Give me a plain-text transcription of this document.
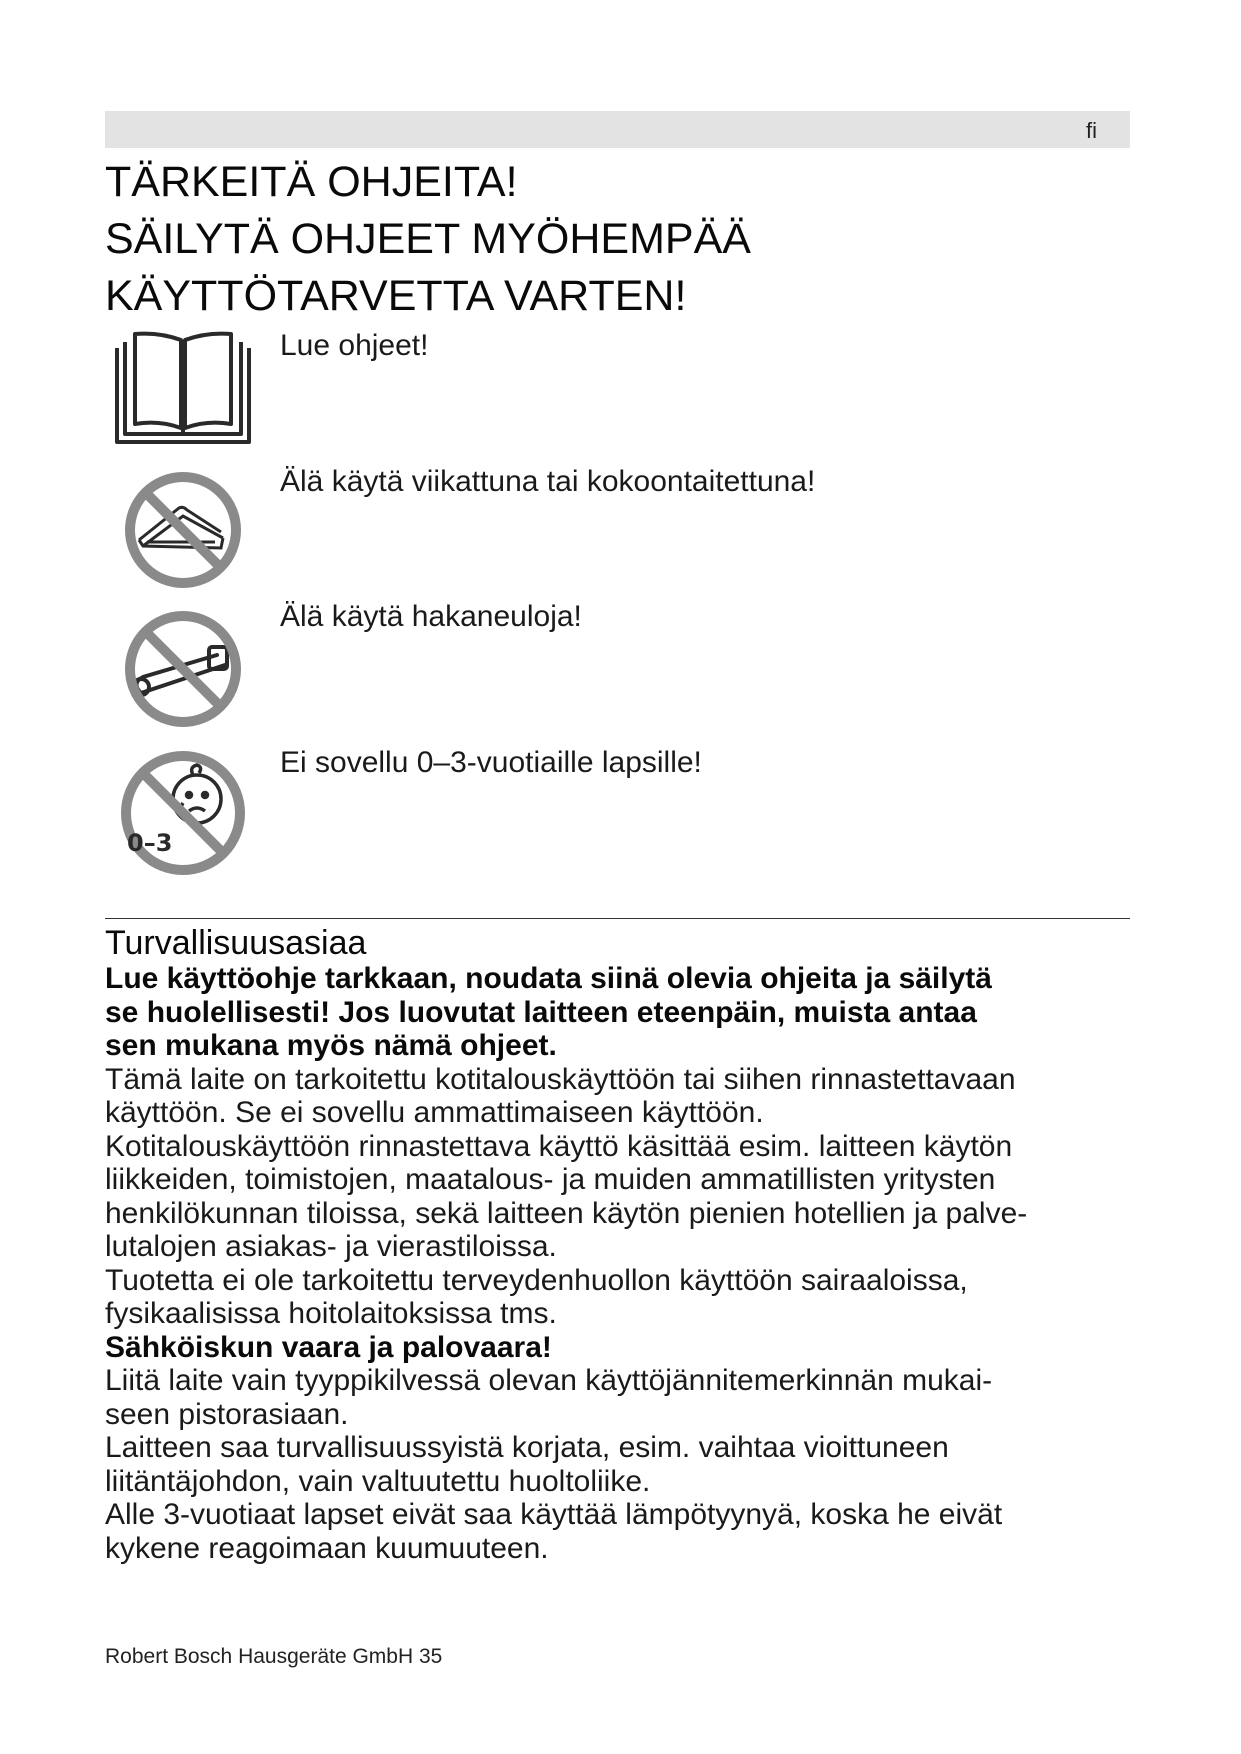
fi
TÄRKEITÄ OHJEITA!
SÄILYTÄ OHJEET MYÖHEMPÄÄ
KÄYTTÖTARVETTA VARTEN!
Lue ohjeet!
Älä käytä viikattuna tai kokoontaitettuna!
Älä käytä hakaneuloja!
0–3
Ei sovellu 0–3-vuotiaille lapsille!
Turvallisuusasiaa

Lue käyttöohje tarkkaan, noudata siinä olevia ohjeita ja säilytä

se huolellisesti! Jos luovutat laitteen eteenpäin, muista antaa

sen mukana myös nämä ohjeet.

Tämä laite on tarkoitettu kotitalouskäyttöön tai siihen rinnastettavaan

käyttöön. Se ei sovellu ammattimaiseen käyttöön.

Kotitalouskäyttöön rinnastettava käyttö käsittää esim. laitteen käytön

liikkeiden, toimistojen, maatalous- ja muiden ammatillisten yritysten

henkilökunnan tiloissa, sekä laitteen käytön pienien hotellien ja palve-

lutalojen asiakas- ja vierastiloissa.

Tuotetta ei ole tarkoitettu terveydenhuollon käyttöön sairaaloissa,

fysikaalisissa hoitolaitoksissa tms.

Sähköiskun vaara ja palovaara!

Liitä laite vain tyyppikilvessä olevan käyttöjännitemerkinnän mukai-

seen pistorasiaan.

Laitteen saa turvallisuussyistä korjata, esim. vaihtaa vioittuneen

liitäntäjohdon, vain valtuutettu huoltoliike.

Alle 3-vuotiaat lapset eivät saa käyttää lämpötyynyä, koska he eivät

kykene reagoimaan kuumuuteen.

Robert Bosch Hausgeräte GmbH 35
